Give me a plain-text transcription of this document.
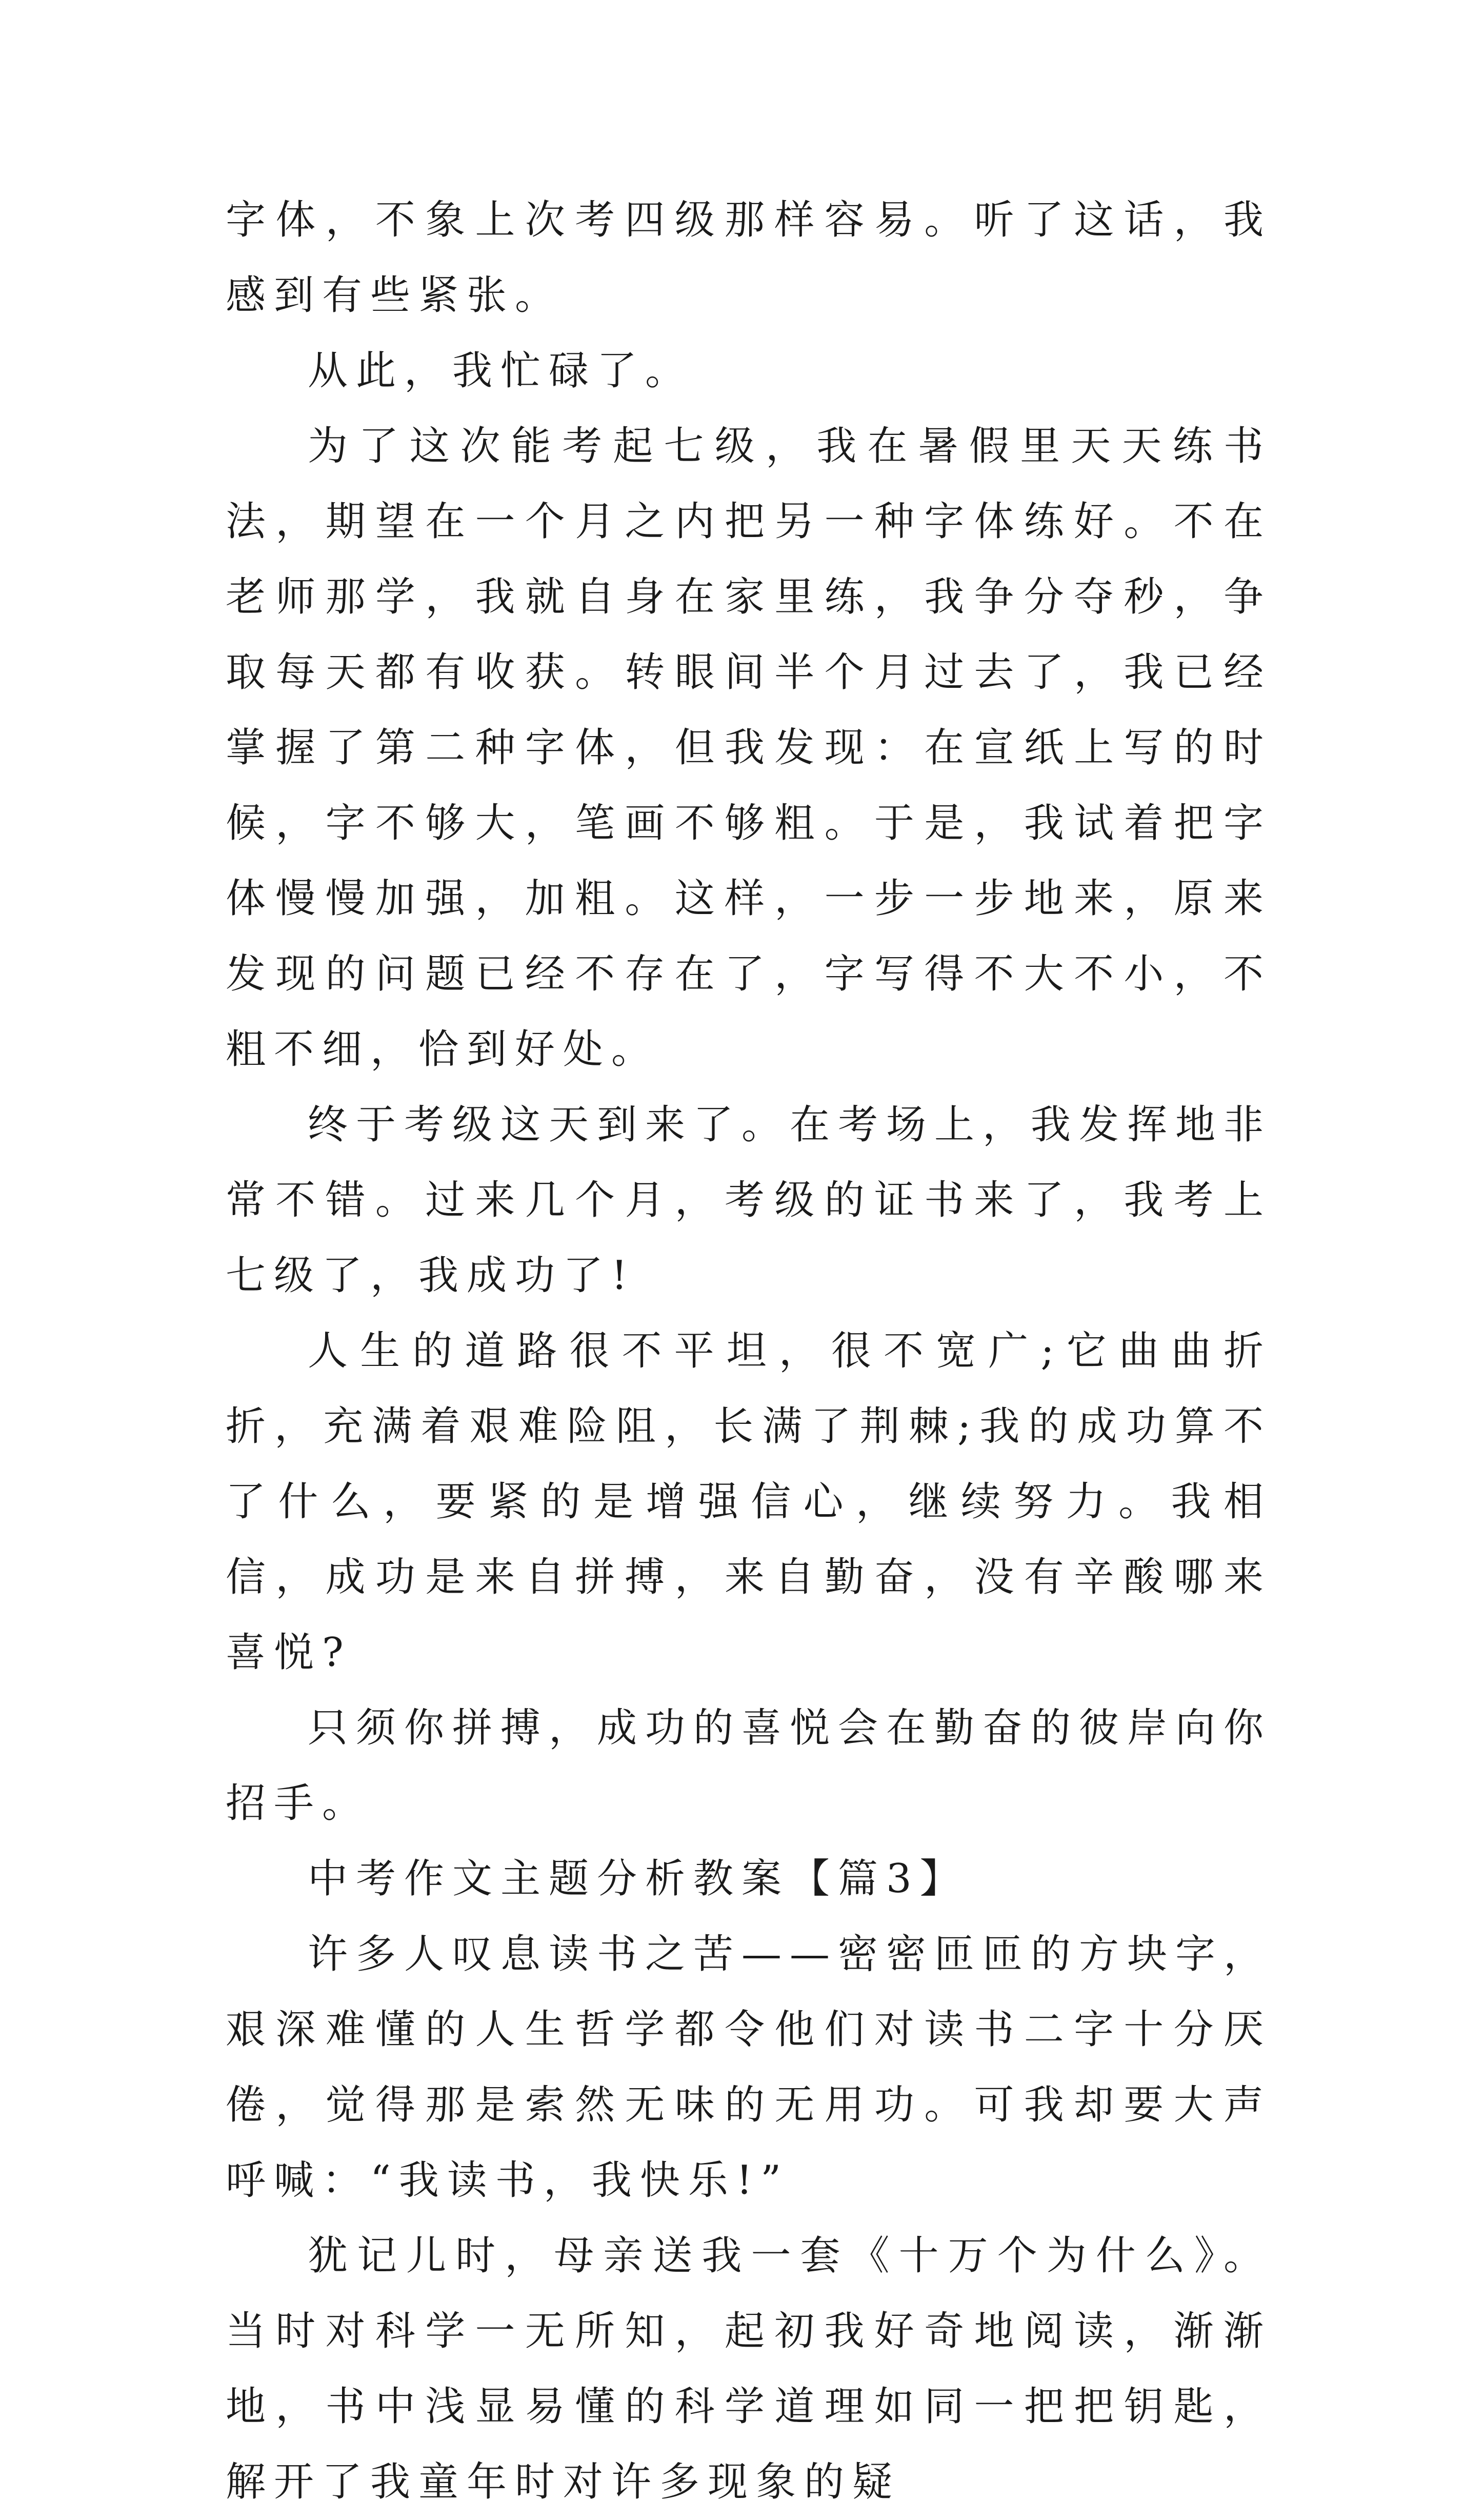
字体，不象上次考四级那样容易。听了这话，我感到有些紧张。

从此，我忙碌了。

为了这次能考起七级，我在暑假里天天练书法，期望在一个月之内把另一种字体练好。不在老师那学，我就自身在家里练，我争分夺秒，争取每天都有收获。转眼间半个月过去了，我已经掌握了第二种字体，但我发现：在宣纸上写的时候，字不够大，笔画不够粗。于是，我试着把字体慢慢加强，加粗。这样，一步一步地来，原来发现的问题已经不存在了，字写得不大不小，不粗不细，恰到好处。

终于考级这天到来了。在考场上，我发挥地非常不错。过来几个月，考级的证书来了，我考上七级了，我成功了!

人生的道路很不平坦，很不宽广;它曲曲折折，充满着艰难险阻，长满了荆棘;我的成功算不了什么，要紧的是增强信心，继续努力。我相信，成功是来自拼搏，来自勤奋，没有辛酸哪来喜悦?

只须你拼搏，成功的喜悦会在勤奋的彼岸向你招手。

中考作文主题分析教案【篇3】

许多人叹息读书之苦——密密匝匝的方块字，艰深难懂的人生哲学都令他们对读书二字十分厌倦，觉得那是索然无味的无用功。可我却要大声呼喊：“我读书，我快乐!”

犹记儿时，母亲送我一套《十万个为什么》。当时对科学一无所知，起初我好奇地阅读，渐渐地，书中浅显易懂的科学道理如同一把把钥匙，解开了我童年时对许多现象的疑
